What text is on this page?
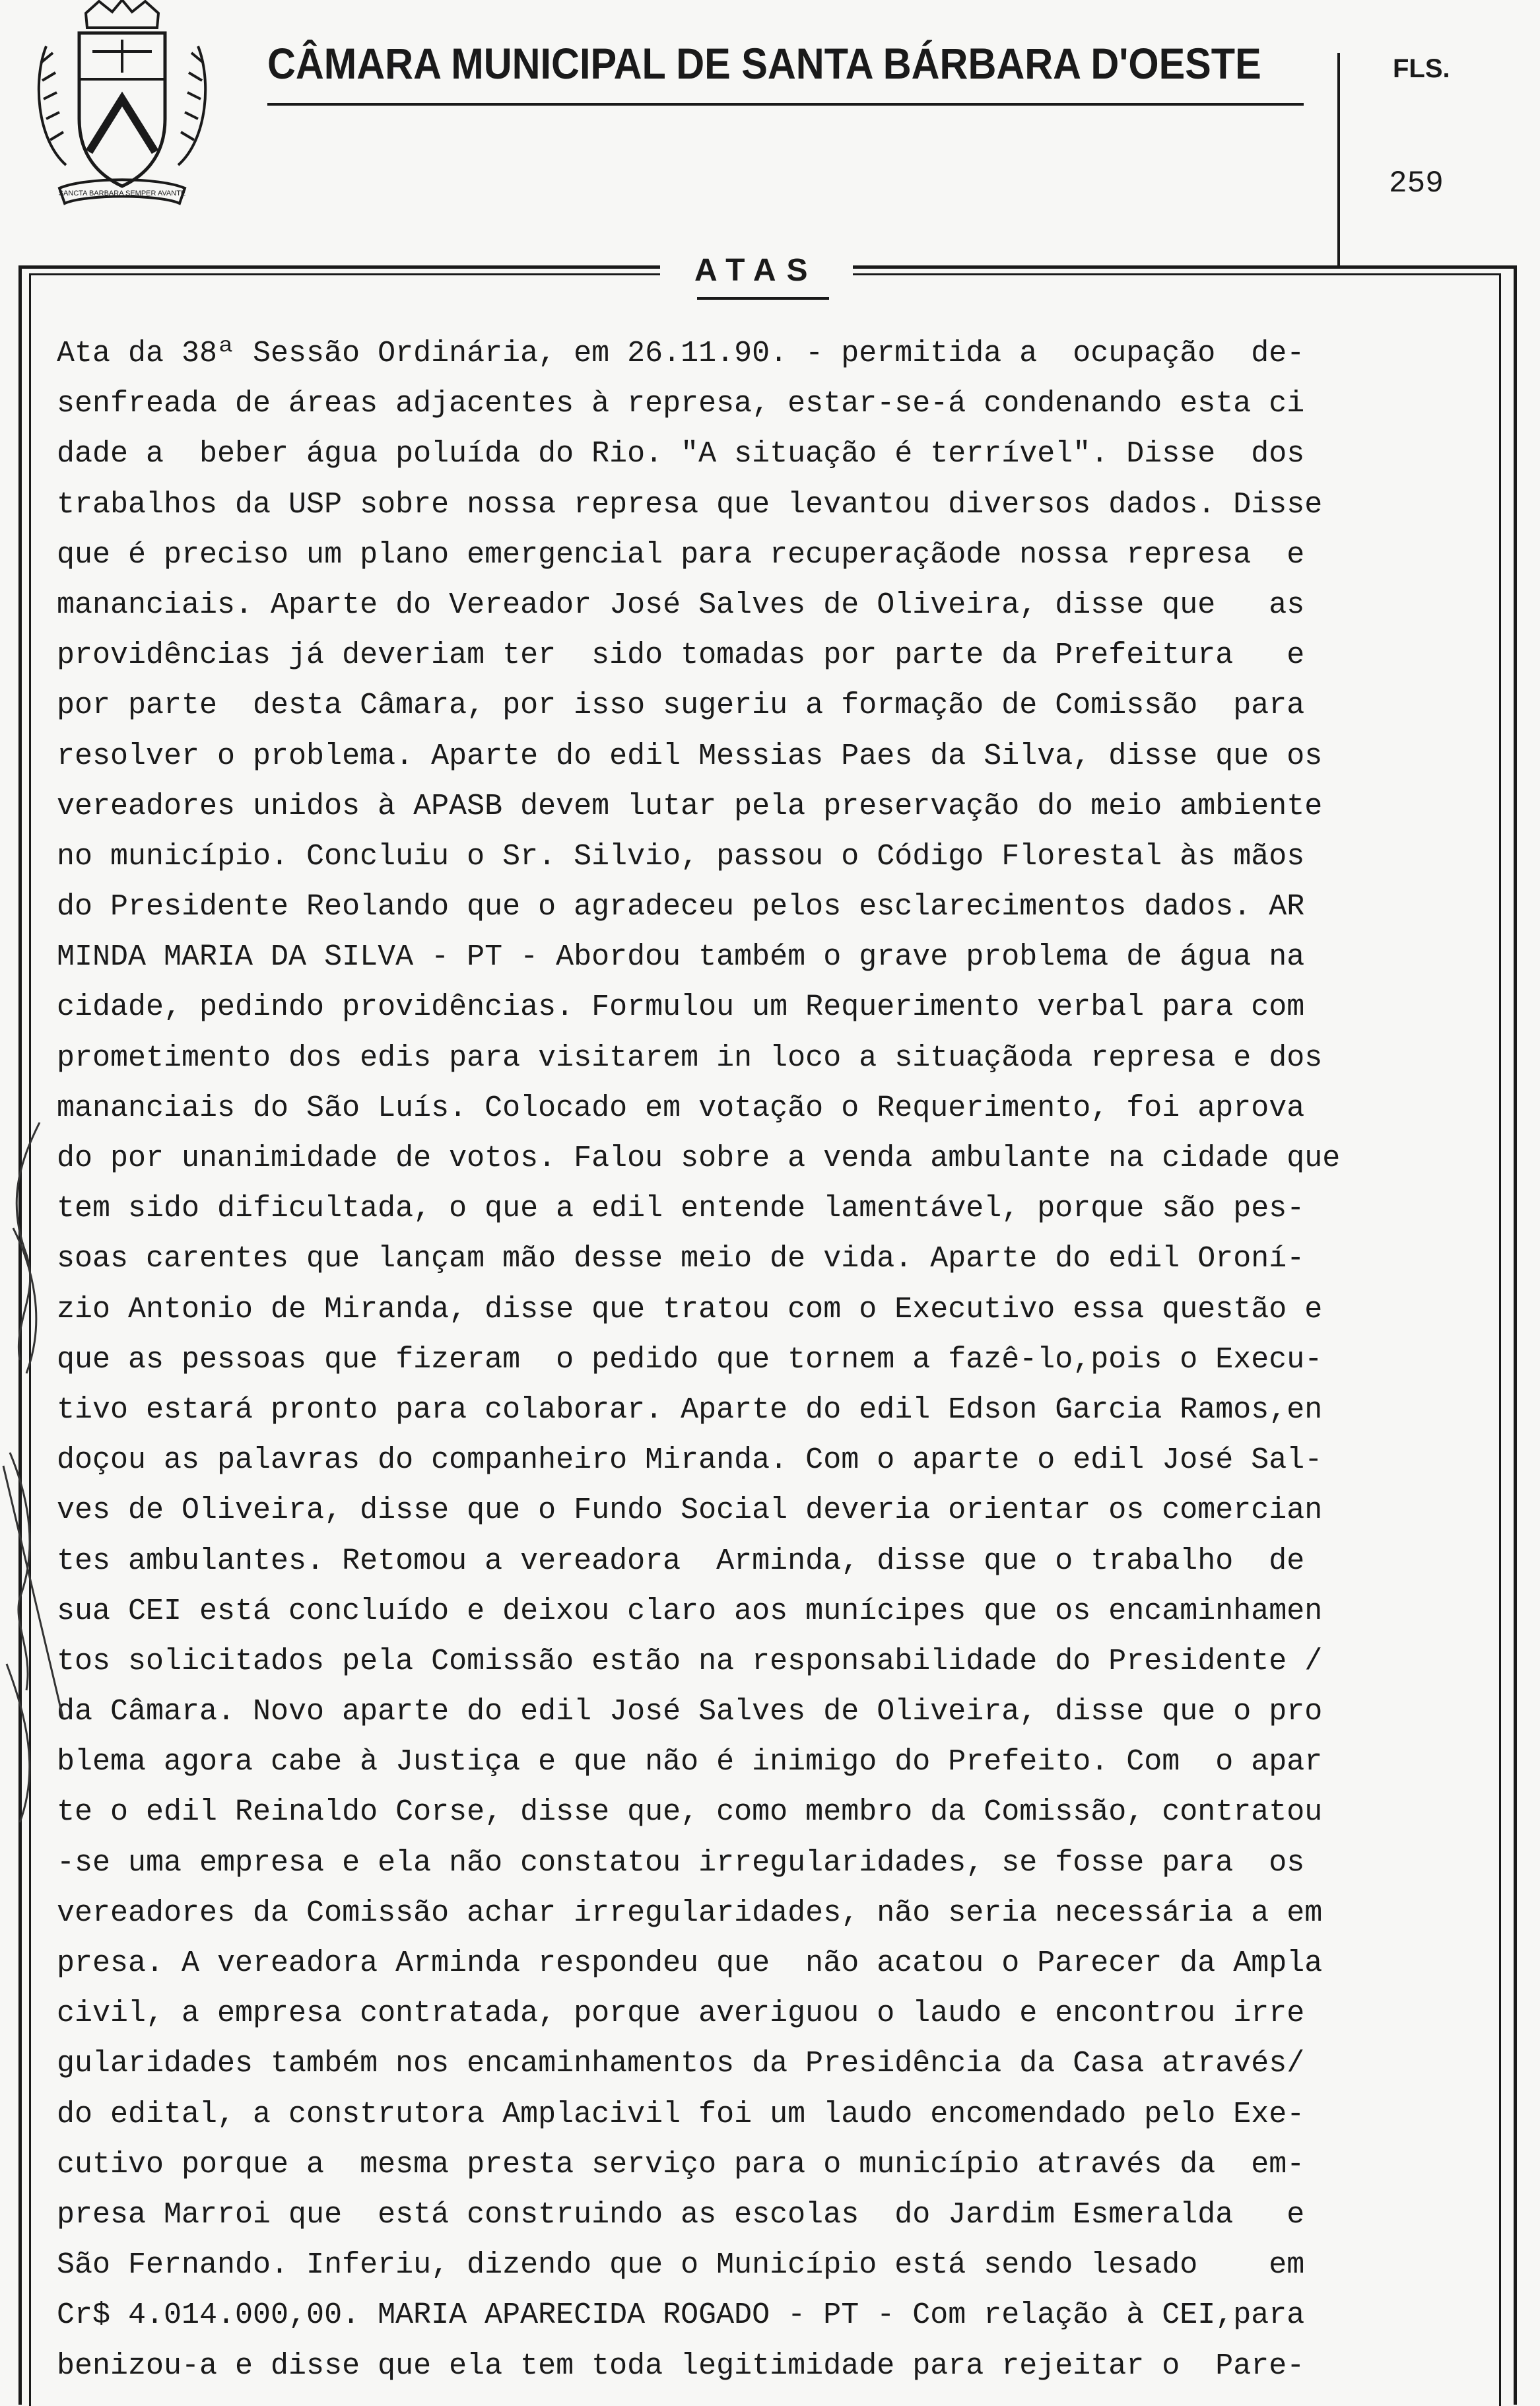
SANCTA BARBARA SEMPER AVANTE
CÂMARA MUNICIPAL DE SANTA BÁRBARA D'OESTE	FLS.
259
ATAS
Ata da 38ª Sessão Ordinária, em 26.11.90. - permitida a  ocupação  de-
senfreada de áreas adjacentes à represa, estar-se-á condenando esta ci
dade a  beber água poluída do Rio. "A situação é terrível". Disse  dos
trabalhos da USP sobre nossa represa que levantou diversos dados. Disse
que é preciso um plano emergencial para recuperaçãode nossa represa  e
mananciais. Aparte do Vereador José Salves de Oliveira, disse que   as
providências já deveriam ter  sido tomadas por parte da Prefeitura   e
por parte  desta Câmara, por isso sugeriu a formação de Comissão  para
resolver o problema. Aparte do edil Messias Paes da Silva, disse que os
vereadores unidos à APASB devem lutar pela preservação do meio ambiente
no município. Concluiu o Sr. Silvio, passou o Código Florestal às mãos
do Presidente Reolando que o agradeceu pelos esclarecimentos dados. AR
MINDA MARIA DA SILVA - PT - Abordou também o grave problema de água na
cidade, pedindo providências. Formulou um Requerimento verbal para com
prometimento dos edis para visitarem in loco a situaçãoda represa e dos
mananciais do São Luís. Colocado em votação o Requerimento, foi aprova
do por unanimidade de votos. Falou sobre a venda ambulante na cidade que
tem sido dificultada, o que a edil entende lamentável, porque são pes-
soas carentes que lançam mão desse meio de vida. Aparte do edil Oroní-
zio Antonio de Miranda, disse que tratou com o Executivo essa questão e
que as pessoas que fizeram  o pedido que tornem a fazê-lo,pois o Execu-
tivo estará pronto para colaborar. Aparte do edil Edson Garcia Ramos,en
doçou as palavras do companheiro Miranda. Com o aparte o edil José Sal-
ves de Oliveira, disse que o Fundo Social deveria orientar os comercian
tes ambulantes. Retomou a vereadora  Arminda, disse que o trabalho  de
sua CEI está concluído e deixou claro aos munícipes que os encaminhamen
tos solicitados pela Comissão estão na responsabilidade do Presidente /
da Câmara. Novo aparte do edil José Salves de Oliveira, disse que o pro
blema agora cabe à Justiça e que não é inimigo do Prefeito. Com  o apar
te o edil Reinaldo Corse, disse que, como membro da Comissão, contratou
-se uma empresa e ela não constatou irregularidades, se fosse para  os
vereadores da Comissão achar irregularidades, não seria necessária a em
presa. A vereadora Arminda respondeu que  não acatou o Parecer da Ampla
civil, a empresa contratada, porque averiguou o laudo e encontrou irre
gularidades também nos encaminhamentos da Presidência da Casa através/
do edital, a construtora Amplacivil foi um laudo encomendado pelo Exe-
cutivo porque a  mesma presta serviço para o município através da  em-
presa Marroi que  está construindo as escolas  do Jardim Esmeralda   e
São Fernando. Inferiu, dizendo que o Município está sendo lesado    em
Cr$ 4.014.000,00. MARIA APARECIDA ROGADO - PT - Com relação à CEI,para
benizou-a e disse que ela tem toda legitimidade para rejeitar o  Pare-
